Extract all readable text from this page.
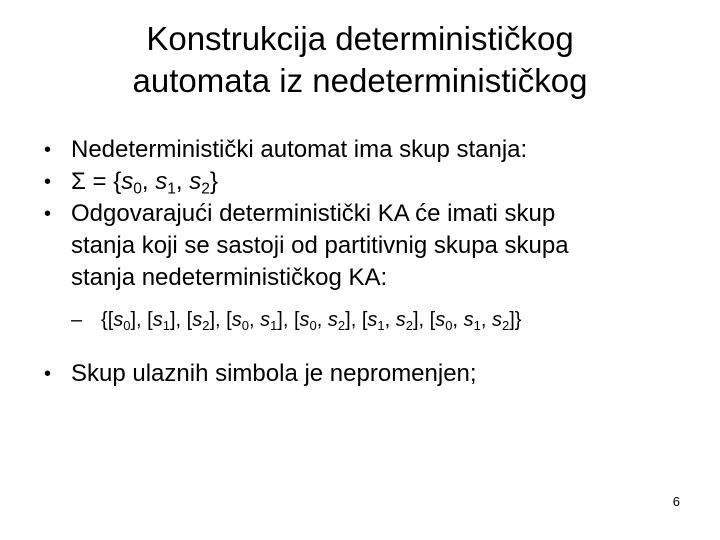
Konstrukcija determinističkog
automata iz nedeterminističkog
• Nedeterministički automat ima skup stanja:
• $\Sigma = \{s_0$, $s_1$, $s_2$}
• Odgovarajući deterministički KA će imati skup
stanja koji se sastoji od partitivnig skupa skupa
stanja nedeterminističkog KA:
– {$[s_0]$, $[s_1]$, $[s_2]$, [$s_0$, $s_1$], [$s_0$, $s_2$], [$s_1$, $s_2$], [$s_0$, $s_1$, $s_2$]}
• Skup ulaznih simbola je nepromenjen;
6
